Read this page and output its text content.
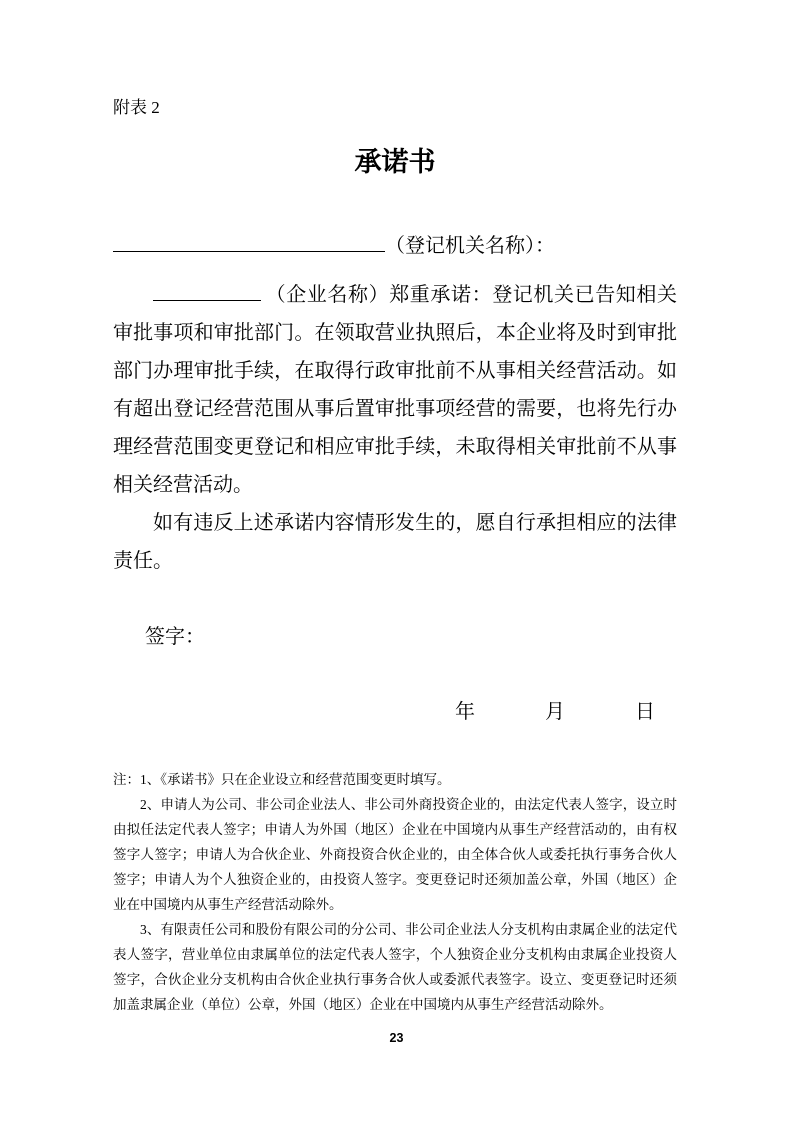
附表 2
承诺书
（登记机关名称）：

（企业名称）郑重承诺：登记机关已告知相关审批事项和审批部门。在领取营业执照后，本企业将及时到审批部门办理审批手续，在取得行政审批前不从事相关经营活动。如有超出登记经营范围从事后置审批事项经营的需要，也将先行办理经营范围变更登记和相应审批手续，未取得相关审批前不从事相关经营活动。

如有违反上述承诺内容情形发生的，愿自行承担相应的法律责任。

签字：
年	月	日

注：1、《承诺书》只在企业设立和经营范围变更时填写。

2、申请人为公司、非公司企业法人、非公司外商投资企业的，由法定代表人签字，设立时由拟任法定代表人签字；申请人为外国（地区）企业在中国境内从事生产经营活动的，由有权签字人签字；申请人为合伙企业、外商投资合伙企业的，由全体合伙人或委托执行事务合伙人签字；申请人为个人独资企业的，由投资人签字。变更登记时还须加盖公章，外国（地区）企业在中国境内从事生产经营活动除外。

3、有限责任公司和股份有限公司的分公司、非公司企业法人分支机构由隶属企业的法定代表人签字，营业单位由隶属单位的法定代表人签字，个人独资企业分支机构由隶属企业投资人签字，合伙企业分支机构由合伙企业执行事务合伙人或委派代表签字。设立、变更登记时还须加盖隶属企业（单位）公章，外国（地区）企业在中国境内从事生产经营活动除外。

23
